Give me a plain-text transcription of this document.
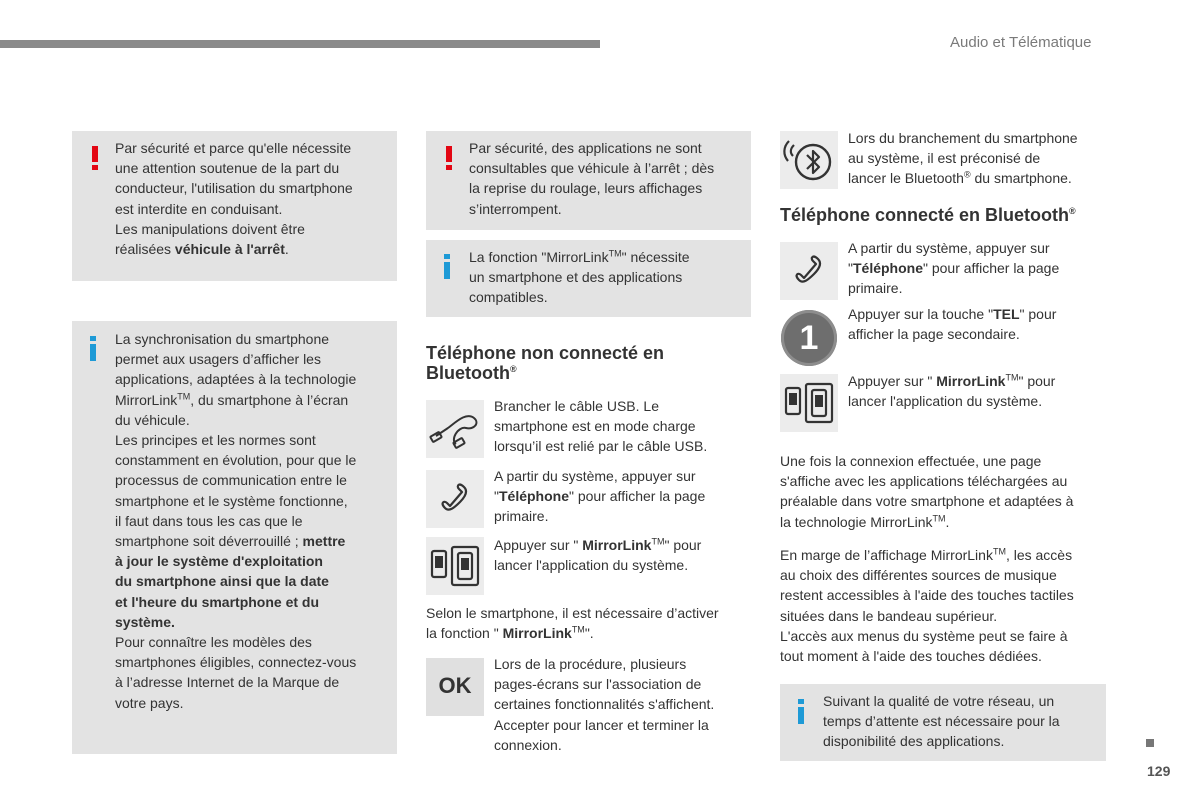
Audio et Télématique
Par sécurité et parce qu'elle nécessite
une attention soutenue de la part du
conducteur, l'utilisation du smartphone
est interdite en conduisant.
Les manipulations doivent être
réalisées véhicule à l'arrêt.
La synchronisation du smartphone
permet aux usagers d’afficher les
applications, adaptées à la technologie
MirrorLink™, du smartphone à l’écran
du véhicule.
Les principes et les normes sont
constamment en évolution, pour que le
processus de communication entre le
smartphone et le système fonctionne,
il faut dans tous les cas que le
smartphone soit déverrouillé ; mettre
à jour le système d'exploitation
du smartphone ainsi que la date
et l'heure du smartphone et du
système.
Pour connaître les modèles des
smartphones éligibles, connectez-vous
à l’adresse Internet de la Marque de
votre pays.
Par sécurité, des applications ne sont
consultables que véhicule à l’arrêt ; dès
la reprise du roulage, leurs affichages
s’interrompent.
La fonction "MirrorLink™" nécessite
un smartphone et des applications
compatibles.
Téléphone non connecté en
Bluetooth®
Brancher le câble USB. Le
smartphone est en mode charge
lorsqu’il est relié par le câble USB.
A partir du système, appuyer sur
"Téléphone" pour afficher la page
primaire.
Appuyer sur " MirrorLink™" pour
lancer l'application du système.
Selon le smartphone, il est nécessaire d’activer
la fonction " MirrorLink™".
OK
Lors de la procédure, plusieurs
pages-écrans sur l'association de
certaines fonctionnalités s'affichent.
Accepter pour lancer et terminer la
connexion.
Lors du branchement du smartphone
au système, il est préconisé de
lancer le Bluetooth® du smartphone.
Téléphone connecté en Bluetooth®
A partir du système, appuyer sur
"Téléphone" pour afficher la page
primaire.
1
Appuyer sur la touche "TEL" pour
afficher la page secondaire.
Appuyer sur " MirrorLink™" pour
lancer l'application du système.
Une fois la connexion effectuée, une page
s'affiche avec les applications téléchargées au
préalable dans votre smartphone et adaptées à
la technologie MirrorLink™.
En marge de l’affichage MirrorLink™, les accès
au choix des différentes sources de musique
restent accessibles à l'aide des touches tactiles
situées dans le bandeau supérieur.
L'accès aux menus du système peut se faire à
tout moment à l'aide des touches dédiées.
Suivant la qualité de votre réseau, un
temps d’attente est nécessaire pour la
disponibilité des applications.
129
